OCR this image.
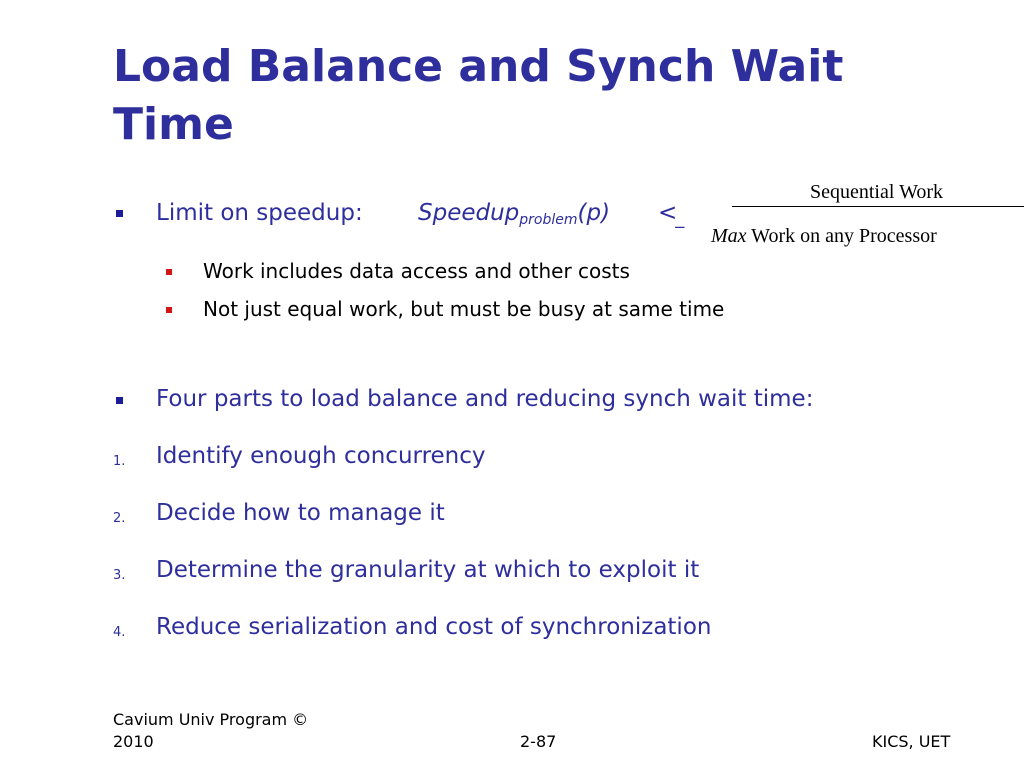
Load Balance and Synch Wait Time
Limit on speedup: Speedup$_{problem}$(p) <_
Sequential Work
Max Work on any Processor
Work includes data access and other costs
Not just equal work, but must be busy at same time
Four parts to load balance and reducing synch wait time:
1. Identify enough concurrency
2. Decide how to manage it
3. Determine the granularity at which to exploit it
4. Reduce serialization and cost of synchronization
Cavium Univ Program © 2010	2-87	KICS, UET
